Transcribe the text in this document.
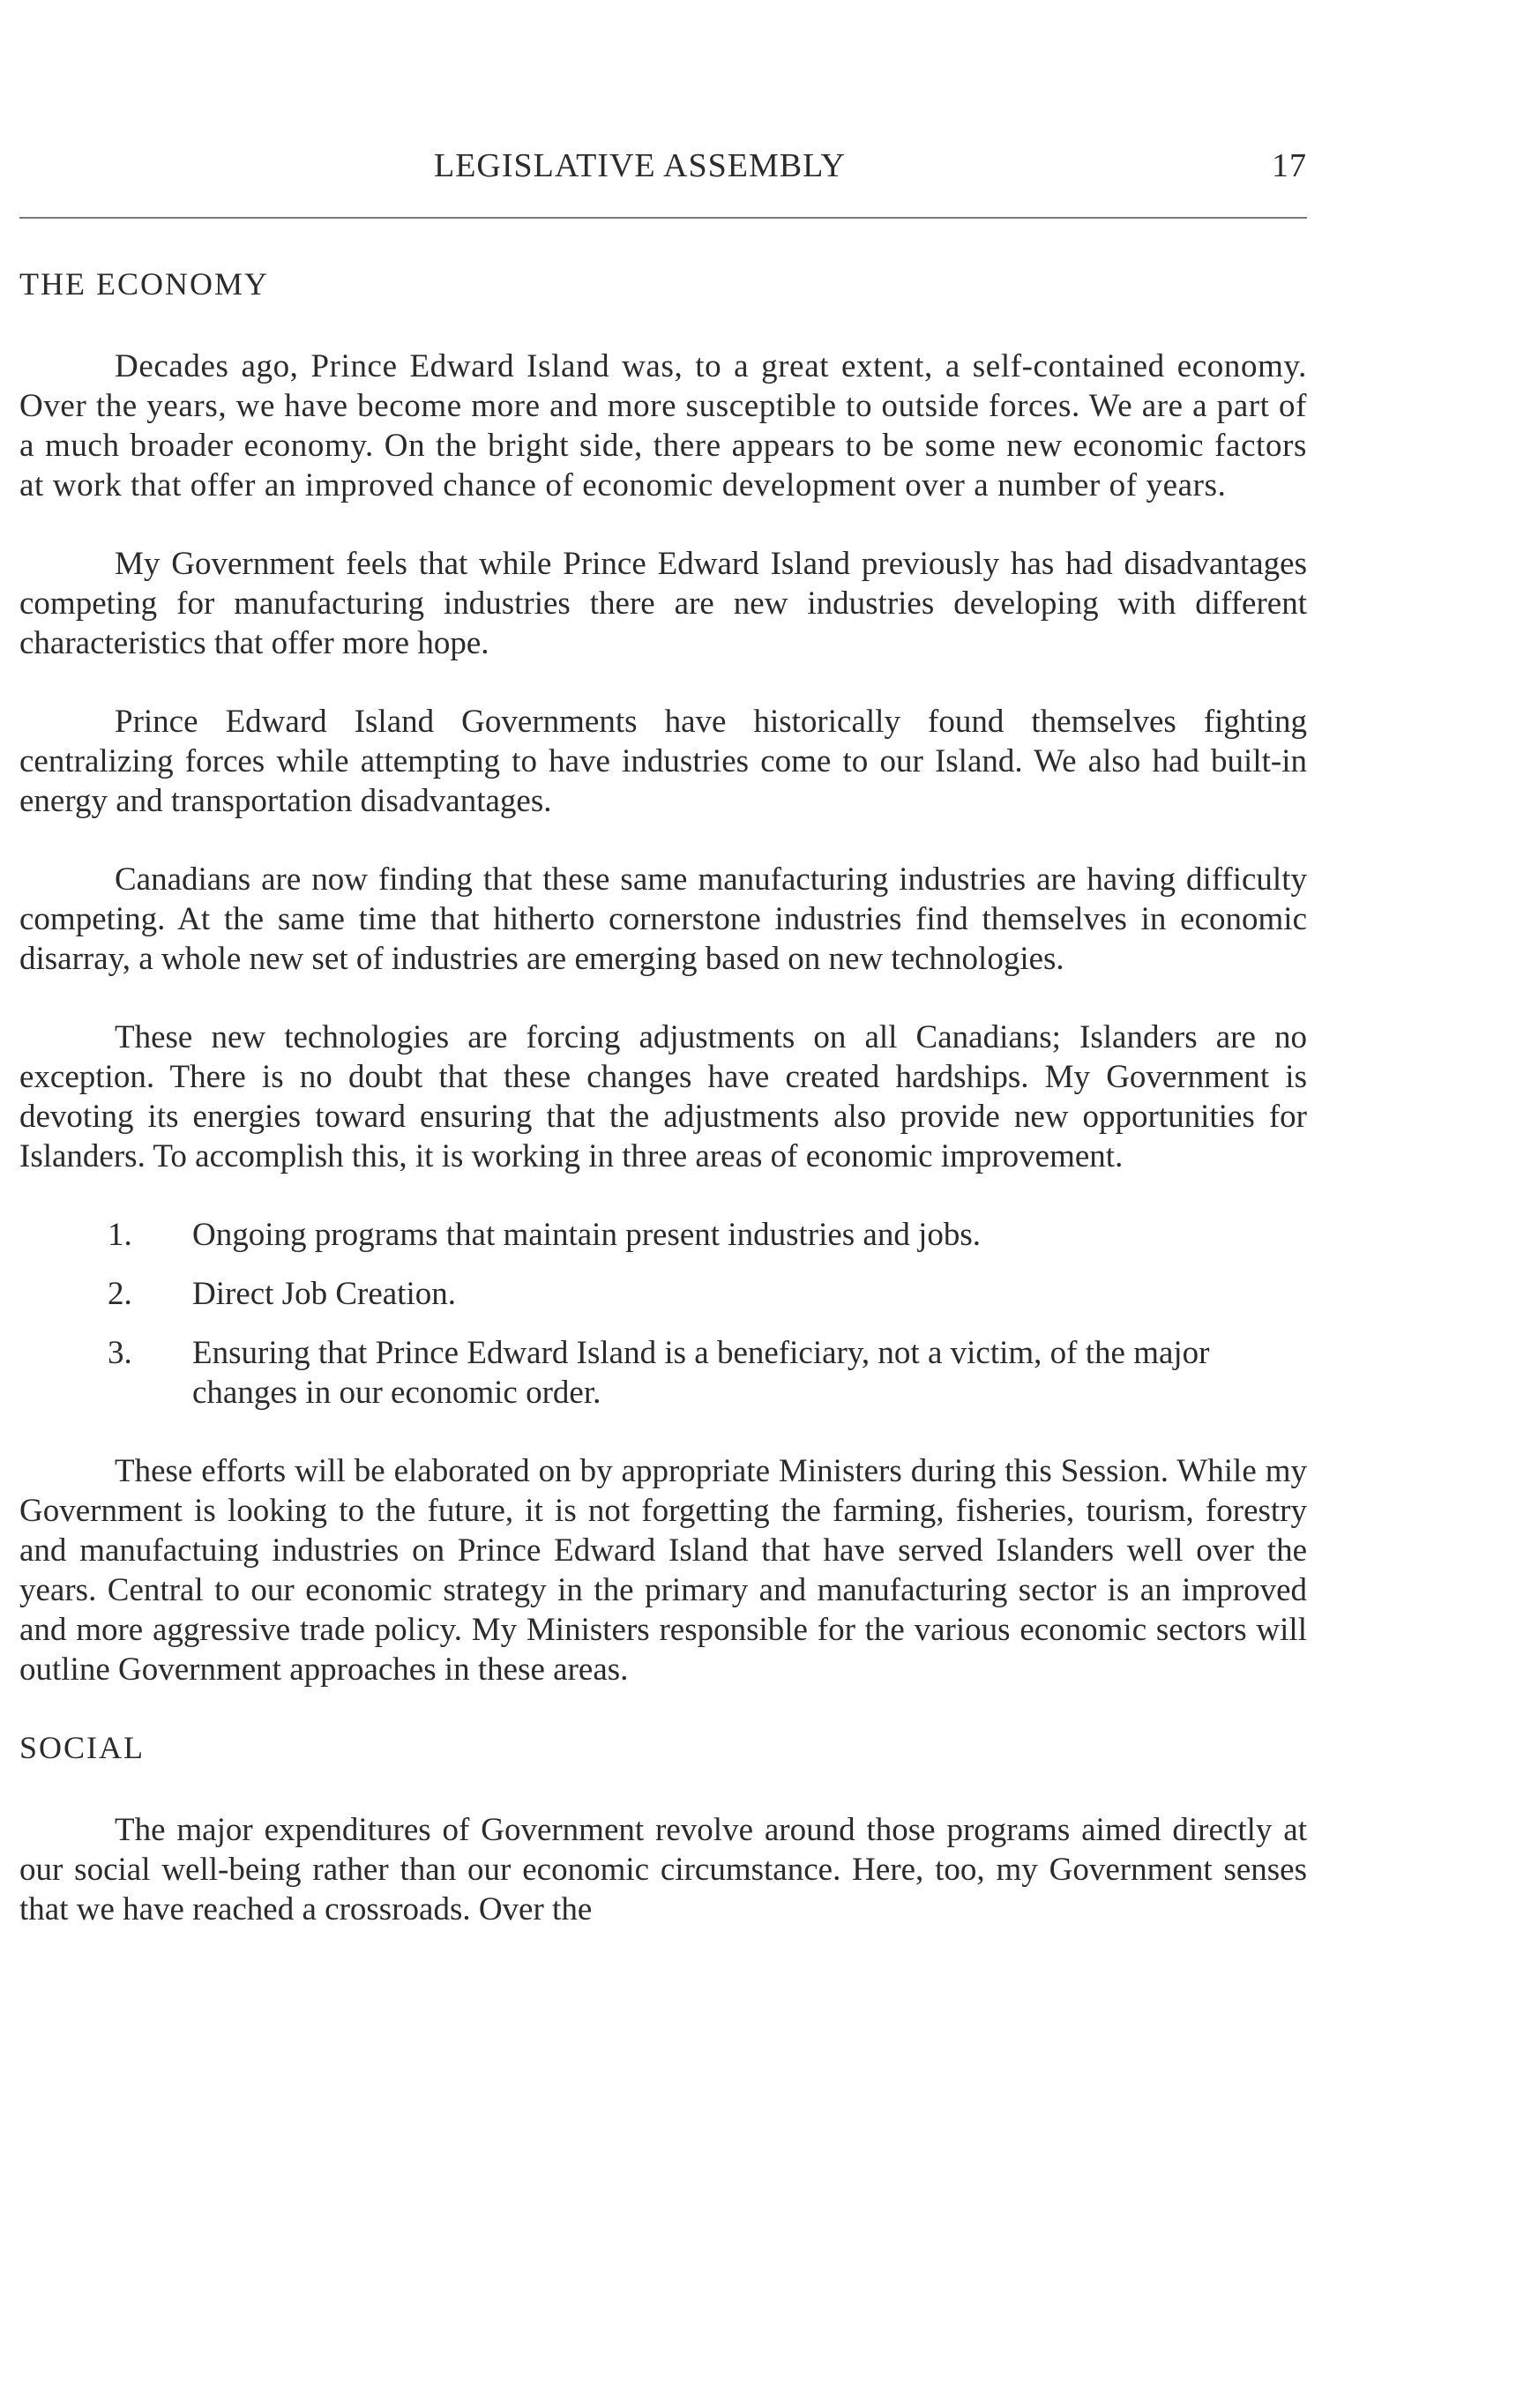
LEGISLATIVE ASSEMBLY	17
THE ECONOMY

Decades ago, Prince Edward Island was, to a great extent, a self-contained economy. Over the years, we have become more and more susceptible to outside forces. We are a part of a much broader economy. On the bright side, there appears to be some new economic factors at work that offer an improved chance of economic development over a number of years.

My Government feels that while Prince Edward Island previously has had disadvantages competing for manufacturing industries there are new industries developing with different characteristics that offer more hope.

Prince Edward Island Governments have historically found themselves fighting centralizing forces while attempting to have industries come to our Island. We also had built-in energy and transportation disadvantages.

Canadians are now finding that these same manufacturing industries are having difficulty competing. At the same time that hitherto cornerstone industries find themselves in economic disarray, a whole new set of industries are emerging based on new technologies.

These new technologies are forcing adjustments on all Canadians; Islanders are no exception. There is no doubt that these changes have created hardships. My Government is devoting its energies toward ensuring that the adjustments also provide new opportunities for Islanders. To accomplish this, it is working in three areas of economic improvement.

1. Ongoing programs that maintain present industries and jobs.
2. Direct Job Creation.
3. Ensuring that Prince Edward Island is a beneficiary, not a victim, of the major changes in our economic order.

These efforts will be elaborated on by appropriate Ministers during this Session. While my Government is looking to the future, it is not forgetting the farming, fisheries, tourism, forestry and manufactuing industries on Prince Edward Island that have served Islanders well over the years. Central to our economic strategy in the primary and manufacturing sector is an improved and more aggressive trade policy. My Ministers responsible for the various economic sectors will outline Government approaches in these areas.

SOCIAL

The major expenditures of Government revolve around those programs aimed directly at our social well-being rather than our economic circumstance. Here, too, my Government senses that we have reached a crossroads. Over the
